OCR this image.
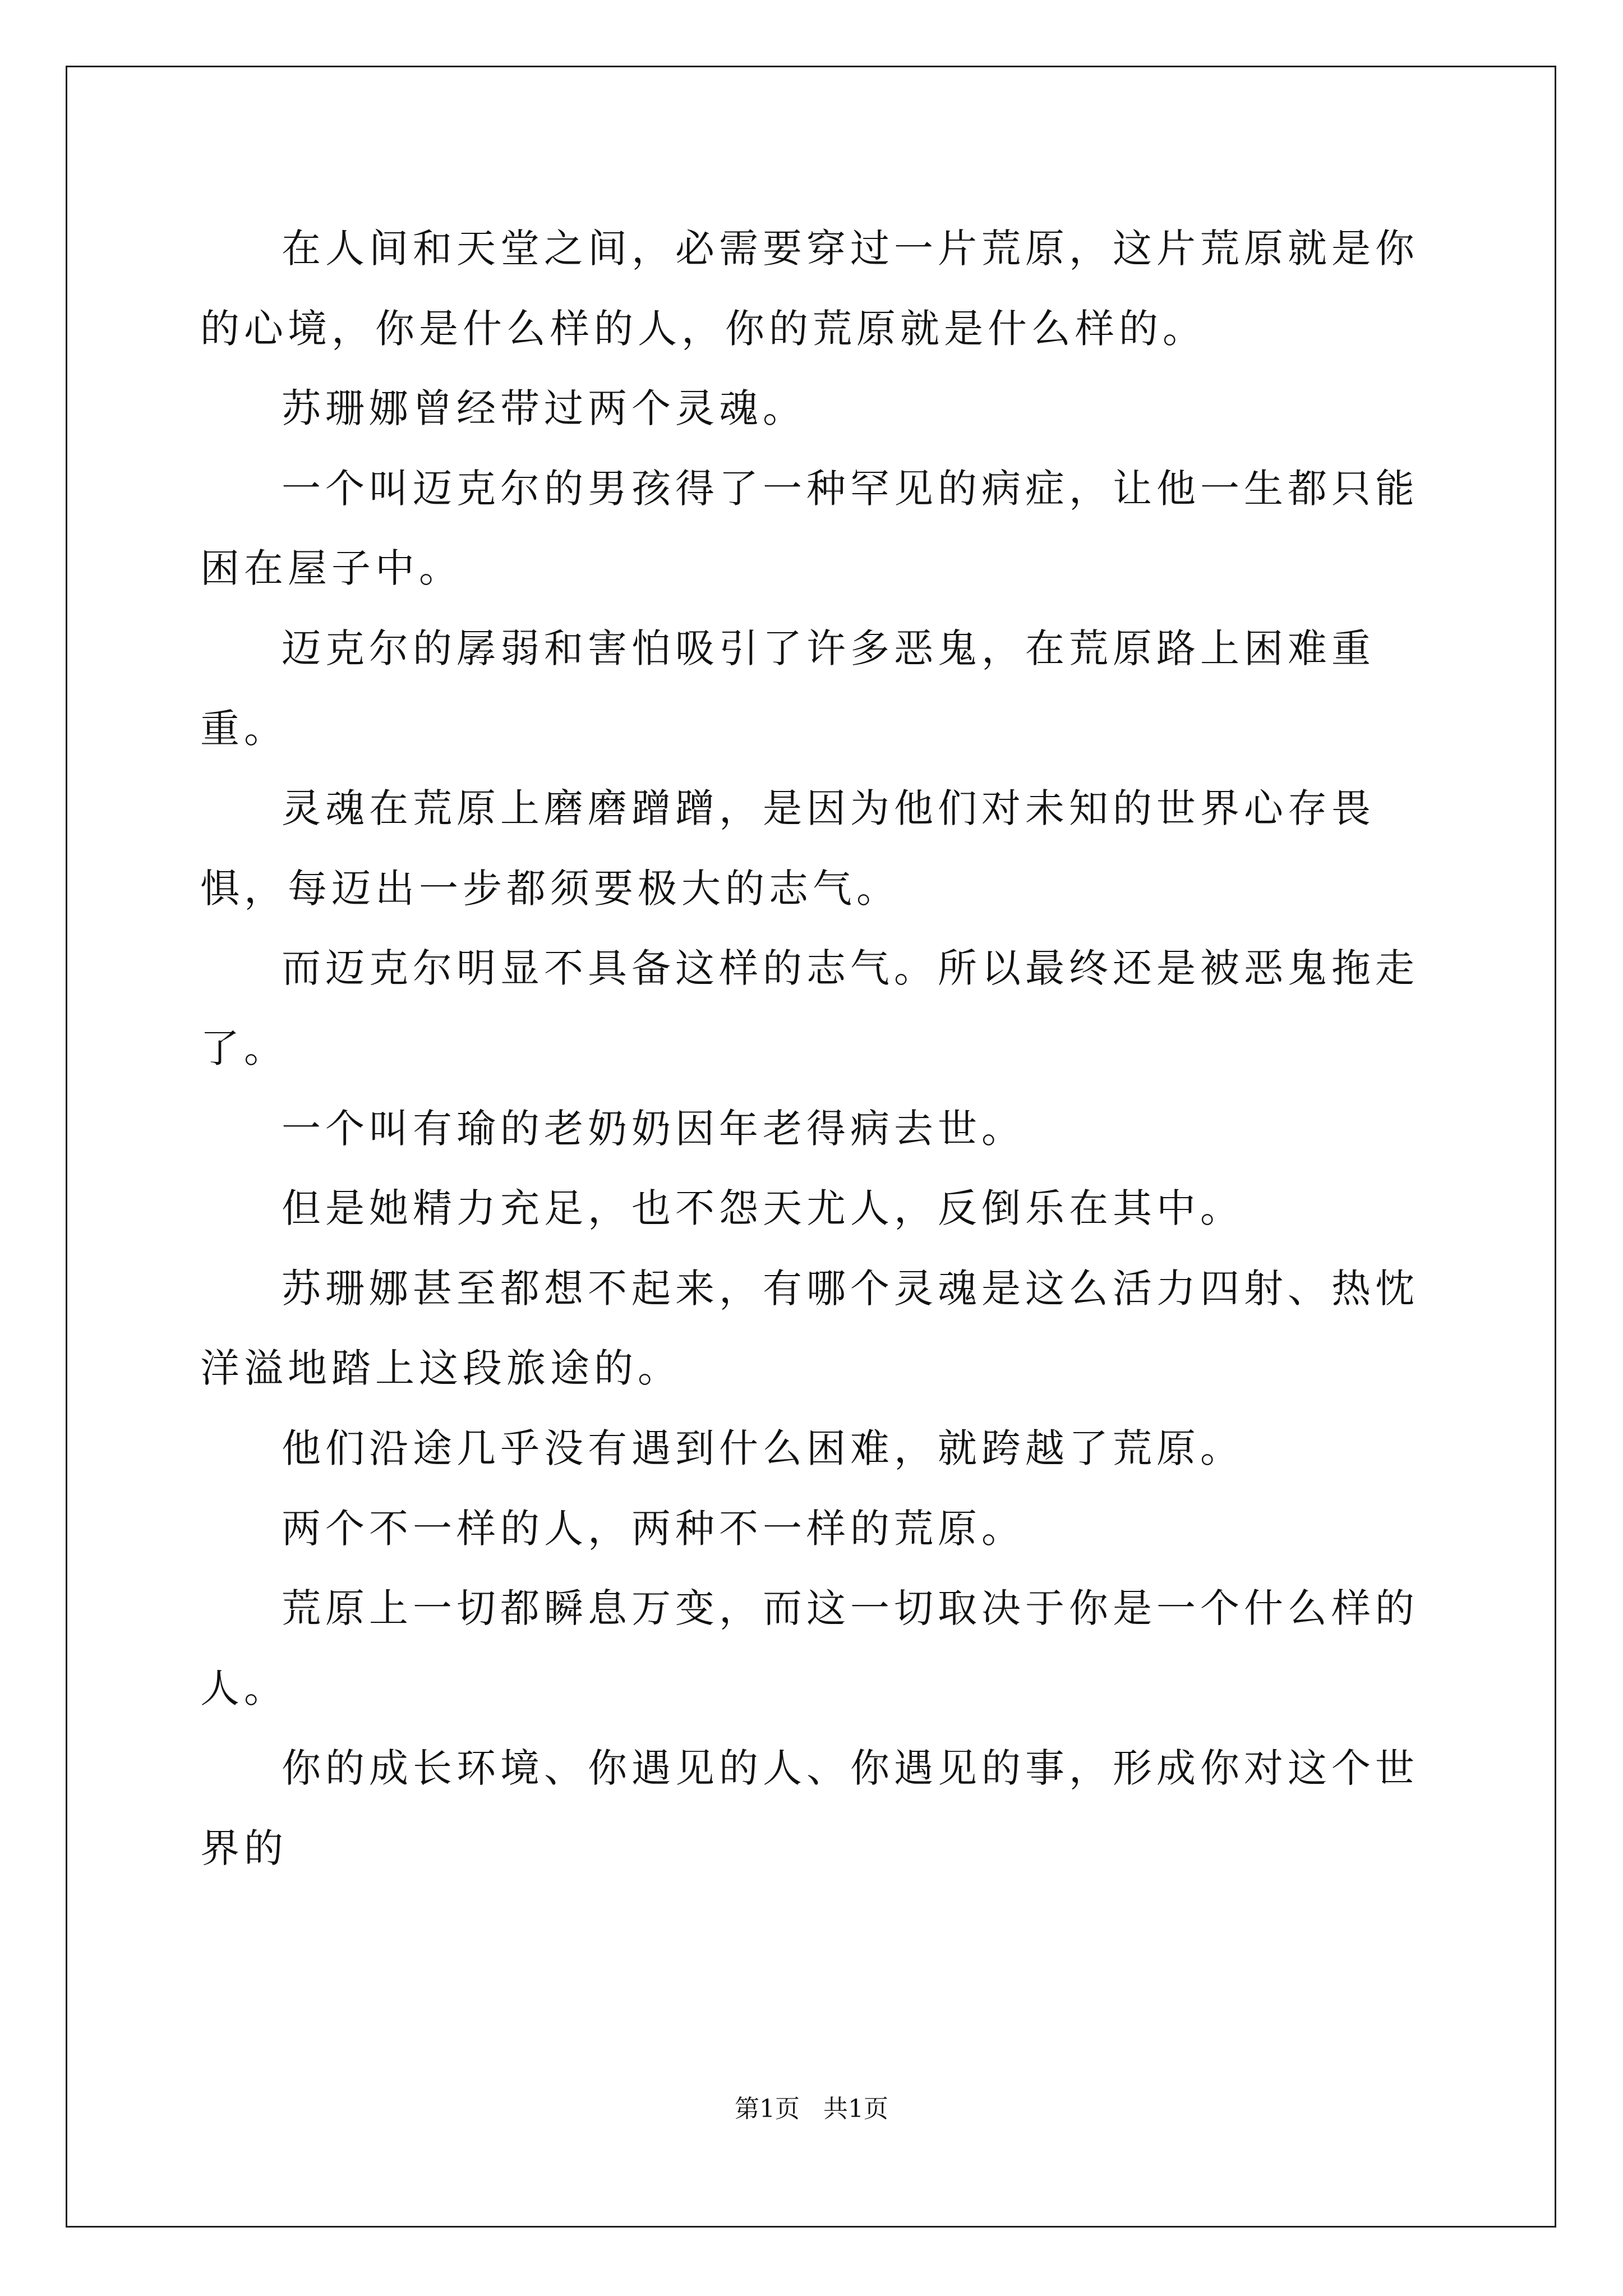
在人间和天堂之间，必需要穿过一片荒原，这片荒原就是你的心境，你是什么样的人，你的荒原就是什么样的。

苏珊娜曾经带过两个灵魂。

一个叫迈克尔的男孩得了一种罕见的病症，让他一生都只能困在屋子中。

迈克尔的孱弱和害怕吸引了许多恶鬼，在荒原路上困难重重。

灵魂在荒原上磨磨蹭蹭，是因为他们对未知的世界心存畏惧，每迈出一步都须要极大的志气。

而迈克尔明显不具备这样的志气。所以最终还是被恶鬼拖走了。

一个叫有瑜的老奶奶因年老得病去世。

但是她精力充足，也不怨天尤人，反倒乐在其中。

苏珊娜甚至都想不起来，有哪个灵魂是这么活力四射、热忱洋溢地踏上这段旅途的。

他们沿途几乎没有遇到什么困难，就跨越了荒原。

两个不一样的人，两种不一样的荒原。

荒原上一切都瞬息万变，而这一切取决于你是一个什么样的人。

你的成长环境、你遇见的人、你遇见的事，形成你对这个世界的

第1页   共1页
